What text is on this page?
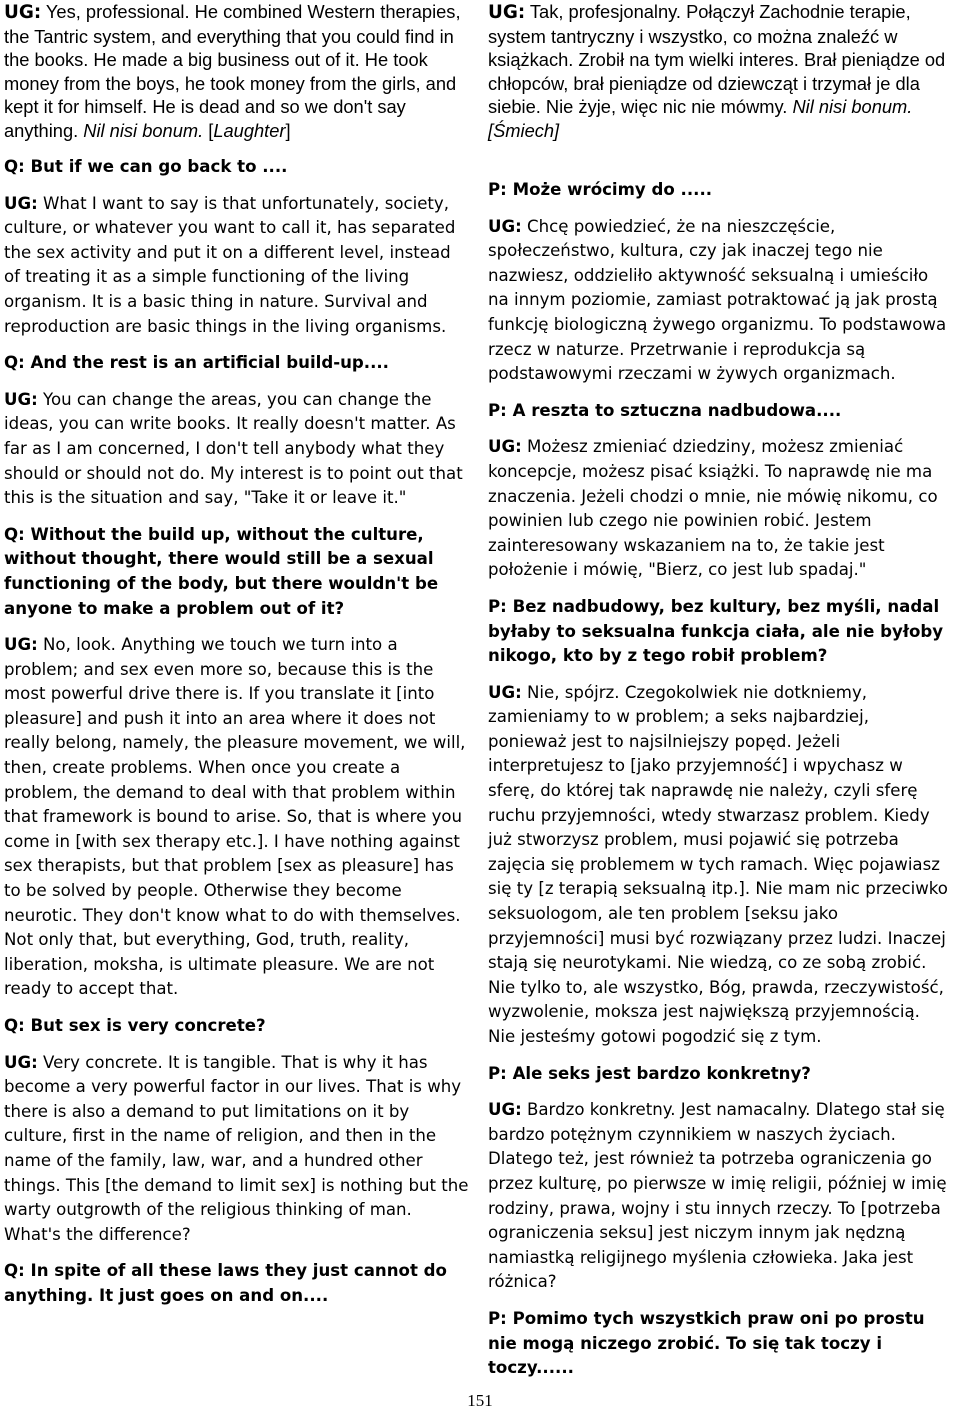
UG: Yes, professional. He combined Western therapies, the Tantric system, and everything that you could find in the books. He made a big business out of it. He took money from the boys, he took money from the girls, and kept it for himself. He is dead and so we don't say anything. Nil nisi bonum. [Laughter]

Q: But if we can go back to ....

UG: What I want to say is that unfortunately, society, culture, or whatever you want to call it, has separated the sex activity and put it on a different level, instead of treating it as a simple functioning of the living organism. It is a basic thing in nature. Survival and reproduction are basic things in the living organisms.

Q: And the rest is an artificial build-up....

UG: You can change the areas, you can change the ideas, you can write books. It really doesn't matter. As far as I am concerned, I don't tell anybody what they should or should not do. My interest is to point out that this is the situation and say, "Take it or leave it."

Q: Without the build up, without the culture, without thought, there would still be a sexual functioning of the body, but there wouldn't be anyone to make a problem out of it?

UG: No, look. Anything we touch we turn into a problem; and sex even more so, because this is the most powerful drive there is. If you translate it [into pleasure] and push it into an area where it does not really belong, namely, the pleasure movement, we will, then, create problems. When once you create a problem, the demand to deal with that problem within that framework is bound to arise. So, that is where you come in [with sex therapy etc.]. I have nothing against sex therapists, but that problem [sex as pleasure] has to be solved by people. Otherwise they become neurotic. They don't know what to do with themselves. Not only that, but everything, God, truth, reality, liberation, moksha, is ultimate pleasure. We are not ready to accept that.

Q: But sex is very concrete?

UG: Very concrete. It is tangible. That is why it has become a very powerful factor in our lives. That is why there is also a demand to put limitations on it by culture, first in the name of religion, and then in the name of the family, law, war, and a hundred other things. This [the demand to limit sex] is nothing but the warty outgrowth of the religious thinking of man. What's the difference?

Q: In spite of all these laws they just cannot do anything. It just goes on and on....

UG: Tak, profesjonalny. Połączył Zachodnie terapie, system tantryczny i wszystko, co można znaleźć w książkach. Zrobił na tym wielki interes. Brał pieniądze od chłopców, brał pieniądze od dziewcząt i trzymał je dla siebie. Nie żyje, więc nic nie mówmy. Nil nisi bonum. [Śmiech]

P: Może wrócimy do .....

UG: Chcę powiedzieć, że na nieszczęście, społeczeństwo, kultura, czy jak inaczej tego nie nazwiesz, oddzieliło aktywność seksualną i umieściło na innym poziomie, zamiast potraktować ją jak prostą funkcję biologiczną żywego organizmu. To podstawowa rzecz w naturze. Przetrwanie i reprodukcja są podstawowymi rzeczami w żywych organizmach.

P: A reszta to sztuczna nadbudowa....

UG: Możesz zmieniać dziedziny, możesz zmieniać koncepcje, możesz pisać książki. To naprawdę nie ma znaczenia. Jeżeli chodzi o mnie, nie mówię nikomu, co powinien lub czego nie powinien robić. Jestem zainteresowany wskazaniem na to, że takie jest położenie i mówię, "Bierz, co jest lub spadaj."

P: Bez nadbudowy, bez kultury, bez myśli, nadal byłaby to seksualna funkcja ciała, ale nie byłoby nikogo, kto by z tego robił problem?

UG: Nie, spójrz. Czegokolwiek nie dotkniemy, zamieniamy to w problem; a seks najbardziej, ponieważ jest to najsilniejszy popęd. Jeżeli interpretujesz to [jako przyjemność] i wpychasz w sferę, do której tak naprawdę nie należy, czyli sferę ruchu przyjemności, wtedy stwarzasz problem. Kiedy już stworzysz problem, musi pojawić się potrzeba zajęcia się problemem w tych ramach. Więc pojawiasz się ty [z terapią seksualną itp.]. Nie mam nic przeciwko seksuologom, ale ten problem [seksu jako przyjemności] musi być rozwiązany przez ludzi. Inaczej stają się neurotykami. Nie wiedzą, co ze sobą zrobić. Nie tylko to, ale wszystko, Bóg, prawda, rzeczywistość, wyzwolenie, moksza jest największą przyjemnością. Nie jesteśmy gotowi pogodzić się z tym.

P: Ale seks jest bardzo konkretny?

UG: Bardzo konkretny. Jest namacalny. Dlatego stał się bardzo potężnym czynnikiem w naszych życiach. Dlatego też, jest również ta potrzeba ograniczenia go przez kulturę, po pierwsze w imię religii, później w imię rodziny, prawa, wojny i stu innych rzeczy. To [potrzeba ograniczenia seksu] jest niczym innym jak nędzną namiastką religijnego myślenia człowieka. Jaka jest różnica?

P: Pomimo tych wszystkich praw oni po prostu nie mogą niczego zrobić. To się tak toczy i toczy......

151
